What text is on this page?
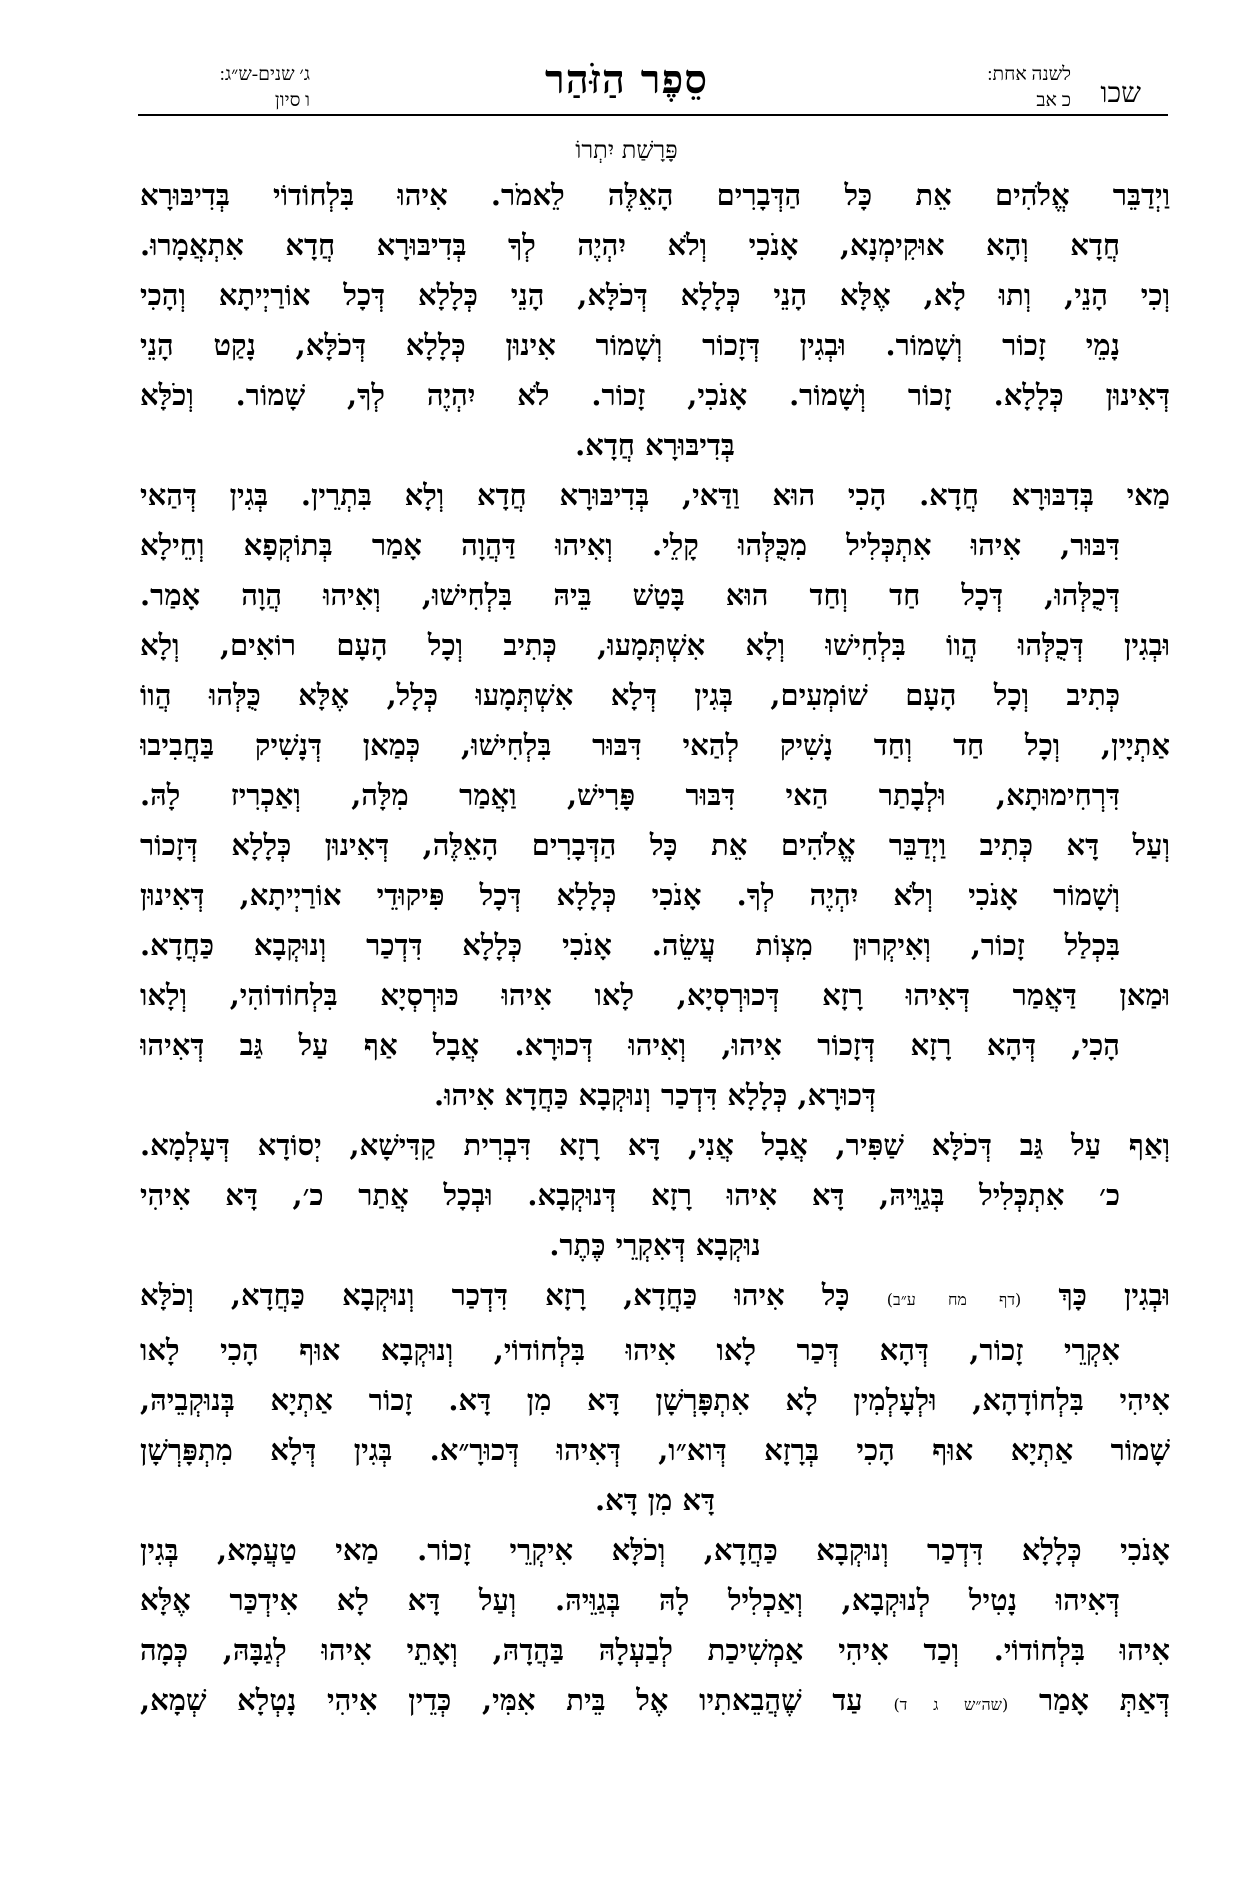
שכו
לשנה אחת:
כ אב
סֵפֶר הַזֹּהַר
ג׳ שנים-ש״ג:
ו סיון
פָּרָשַׁת יִתְרוֹ
וַיְדַבֵּר אֱלֹהִים אֵת כָּל הַדְּבָרִים הָאֵלֶּה לֵאמֹר. אִיהוּ בִּלְחוֹדוֹי בְּדִיבּוּרָא
חֲדָא וְהָא אוּקִימְנָא, אָנֹכִי וְלֹא יִהְיֶה לְךָ בְּדִיבּוּרָא חֲדָא אִתְאֲמָרוּ.
וְכִי הָנֵי, וְתוּ לָא, אֶלָּא הָנֵי כְּלָלָא דְּכֹלָּא, הָנֵי כְּלָלָא דְּכָל אוֹרַיְיתָא וְהָכִי
נָמֵי זָכוֹר וְשָׁמוֹר. וּבְגִין דְּזָכוֹר וְשָׁמוֹר אִינוּן כְּלָלָא דְּכֹלָּא, נָקַט הָנֵי
דְּאִינוּן כְּלָלָא. זָכוֹר וְשָׁמוֹר. אָנֹכִי, זָכוֹר. לֹא יִהְיֶה לְךָ, שָׁמוֹר. וְכֹלָּא
בְּדִיבּוּרָא חֲדָא.
מַאי בְּדִבּוּרָא חֲדָא. הָכִי הוּא וַדַּאי, בְּדִיבּוּרָא חֲדָא וְלָא בִּתְרֵין. בְּגִין דְּהַאי
דִּבּוּר, אִיהוּ אִתְכְּלִיל מִכֻּלְּהוּ קָלֵי. וְאִיהוּ דַּהֲוָה אָמַר בְּתוֹקְפָא וְחֵילָא
דְּכֻלְּהוּ, דְּכָל חַד וְחַד הוּא בָּטַשׁ בֵּיהּ בִּלְחִישׁוּ, וְאִיהוּ הֲוָה אָמַר.
וּבְגִין דְּכֻלְּהוּ הֲווֹ בִּלְחִישׁוּ וְלָא אִשְׁתְּמָעוּ, כְּתִיב וְכָל הָעָם רוֹאִים, וְלָא
כְּתִיב וְכָל הָעָם שׁוֹמְעִים, בְּגִין דְּלָא אִשְׁתְּמָעוּ כְּלָל, אֶלָּא כֻּלְּהוּ הֲווֹ
אַתְיָין, וְכָל חַד וְחַד נָשִׁיק לְהַאי דִּבּוּר בִּלְחִישׁוּ, כְּמַאן דְּנָשִׁיק בַּחֲבִיבוּ
דִּרְחִימוּתָא, וּלְבָתַר הַאי דִּבּוּר פָּרִישׁ, וַאֲמַר מִלָּה, וְאַכְרִיז לָהּ.
וְעַל דָּא כְּתִיב וַיְדַבֵּר אֱלֹהִים אֵת כָּל הַדְּבָרִים הָאֵלֶּה, דְּאִינוּן כְּלָלָא דְּזָכוֹר
וְשָׁמוֹר אָנֹכִי וְלֹא יִהְיֶה לְךָ. אָנֹכִי כְּלָלָא דְּכָל פִּיקוּדֵי אוֹרַיְיתָא, דְּאִינוּן
בִּכְלַל זָכוֹר, וְאִיקְרוּן מִצְוֹת עֲשֵׂה. אָנֹכִי כְּלָלָא דִּדְכַר וְנוּקְבָא כַּחֲדָא.
וּמַאן דַּאֲמַר דְּאִיהוּ רָזָא דְּכוּרְסְיָא, לָאו אִיהוּ כּוּרְסְיָא בִּלְחוֹדוֹהִי, וְלָאו
הָכִי, דְּהָא רָזָא דְּזָכוֹר אִיהוּ, וְאִיהוּ דְּכוּרָא. אֲבָל אַף עַל גַּב דְּאִיהוּ
דְּכוּרָא, כְּלָלָא דִּדְכַר וְנוּקְבָא כַּחֲדָא אִיהוּ.
וְאַף עַל גַּב דְּכֹלָּא שַׁפִּיר, אֲבָל אֲנִי, דָּא רָזָא דִּבְרִית קַדִּישָׁא, יְסוֹדָא דְּעָלְמָא.
כ׳ אִתְכְּלִיל בְּגַוֵּיהּ, דָּא אִיהוּ רָזָא דְּנוּקְבָא. וּבְכָל אֲתַר כ׳, דָּא אִיהִי
נוּקְבָא דְּאִקְרֵי כֶּתֶר.
וּבְגִין כָּךְ (דף מח ע״ב) כָּל אִיהוּ כַּחֲדָא, רָזָא דִּדְכַר וְנוּקְבָא כַּחֲדָא, וְכֹלָּא
אִקְרֵי זָכוֹר, דְּהָא דְּכַר לָאו אִיהוּ בִּלְחוֹדוֹי, וְנוּקְבָא אוּף הָכִי לָאו
אִיהִי בִּלְחוֹדָהָא, וּלְעָלְמִין לָא אִתְפָּרְשָׁן דָּא מִן דָּא. זָכוֹר אַתְיָא בְּנוּקְבֵיהּ,
שָׁמוֹר אַתְיָא אוּף הָכִי בְּרָזָא דְּוא״ו, דְּאִיהוּ דְּכוּרָ״א. בְּגִין דְּלָא מִתְפָּרְשָׁן
דָּא מִן דָּא.
אָנֹכִי כְּלָלָא דִּדְכַר וְנוּקְבָא כַּחֲדָא, וְכֹלָּא אִיקְרֵי זָכוֹר. מַאי טַעֲמָא, בְּגִין
דְּאִיהוּ נָטִיל לְנוּקְבָא, וְאַכְלִיל לָהּ בְּגַוֵּיהּ. וְעַל דָּא לָא אִידְכַּר אֶלָּא
אִיהוּ בִּלְחוֹדוֹי. וְכַד אִיהִי אַמְשִׁיכַת לְבַעְלָהּ בַּהֲדָהּ, וְאָתֵי אִיהוּ לְגַבָּהּ, כְּמָה
דְּאַתְּ אָמַר (שה״ש ג ד) עַד שֶׁהֲבֵאתִיו אֶל בֵּית אִמִּי, כְּדֵין אִיהִי נָטְלָא שְׁמָא,
